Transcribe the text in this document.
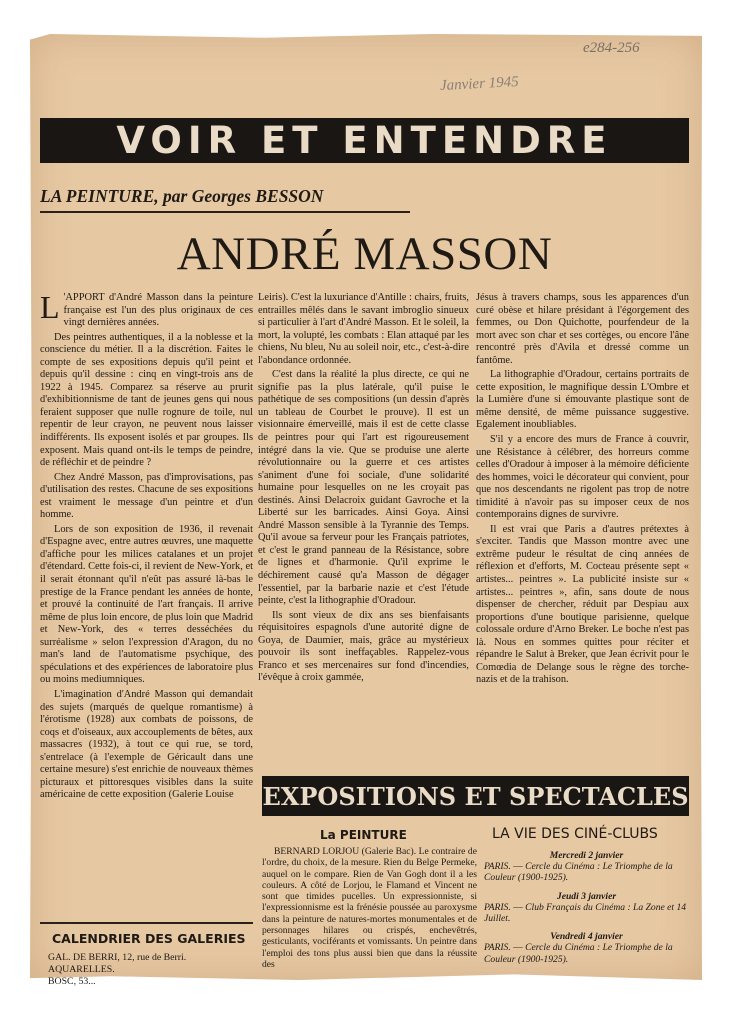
e284-256
Janvier 1945
VOIR ET ENTENDRE
LA PEINTURE, par Georges BESSON
ANDRÉ MASSON

L 'APPORT d'André Masson dans la peinture française est l'un des plus originaux de ces vingt dernières années.

Des peintres authentiques, il a la noblesse et la conscience du métier. Il a la discrétion. Faites le compte de ses expositions depuis qu'il peint et depuis qu'il dessine : cinq en vingt-trois ans de 1922 à 1945. Comparez sa réserve au prurit d'exhibitionnisme de tant de jeunes gens qui nous feraient supposer que nulle rognure de toile, nul repentir de leur crayon, ne peuvent nous laisser indifférents. Ils exposent isolés et par groupes. Ils exposent. Mais quand ont-ils le temps de peindre, de réfléchir et de peindre ?

Chez André Masson, pas d'improvisations, pas d'utilisation des restes. Chacune de ses expositions est vraiment le message d'un peintre et d'un homme.

Lors de son exposition de 1936, il revenait d'Espagne avec, entre autres œuvres, une maquette d'affiche pour les milices catalanes et un projet d'étendard. Cette fois-ci, il revient de New-York, et il serait étonnant qu'il n'eût pas assuré là-bas le prestige de la France pendant les années de honte, et prouvé la continuité de l'art français. Il arrive même de plus loin encore, de plus loin que Madrid et New-York, des « terres desséchées du surréalisme » selon l'expression d'Aragon, du no man's land de l'automatisme psychique, des spéculations et des expériences de laboratoire plus ou moins mediumniques.

L'imagination d'André Masson qui demandait des sujets (marqués de quelque romantisme) à l'érotisme (1928) aux combats de poissons, de coqs et d'oiseaux, aux accouplements de bêtes, aux massacres (1932), à tout ce qui rue, se tord, s'entrelace (à l'exemple de Géricault dans une certaine mesure) s'est enrichie de nouveaux thèmes picturaux et pittoresques visibles dans la suite américaine de cette exposition (Galerie Louise

Leiris). C'est la luxuriance d'Antille : chairs, fruits, entrailles mêlés dans le savant imbroglio sinueux si particulier à l'art d'André Masson. Et le soleil, la mort, la volupté, les combats : Elan attaqué par les chiens, Nu bleu, Nu au soleil noir, etc., c'est-à-dire l'abondance ordonnée.

C'est dans la réalité la plus directe, ce qui ne signifie pas la plus latérale, qu'il puise le pathétique de ses compositions (un dessin d'après un tableau de Courbet le prouve). Il est un visionnaire émerveillé, mais il est de cette classe de peintres pour qui l'art est rigoureusement intégré dans la vie. Que se produise une alerte révolutionnaire ou la guerre et ces artistes s'animent d'une foi sociale, d'une solidarité humaine pour lesquelles on ne les croyait pas destinés. Ainsi Delacroix guidant Gavroche et la Liberté sur les barricades. Ainsi Goya. Ainsi André Masson sensible à la Tyrannie des Temps. Qu'il avoue sa ferveur pour les Français patriotes, et c'est le grand panneau de la Résistance, sobre de lignes et d'harmonie. Qu'il exprime le déchirement causé qu'a Masson de dégager l'essentiel, par la barbarie nazie et c'est l'étude peinte, c'est la lithographie d'Oradour.

Ils sont vieux de dix ans ses bienfaisants réquisitoires espagnols d'une autorité digne de Goya, de Daumier, mais, grâce au mystérieux pouvoir ils sont ineffaçables. Rappelez-vous Franco et ses mercenaires sur fond d'incendies, l'évêque à croix gammée,

Jésus à travers champs, sous les apparences d'un curé obèse et hilare présidant à l'égorgement des femmes, ou Don Quichotte, pourfendeur de la mort avec son char et ses cortèges, ou encore l'âne rencontré près d'Avila et dressé comme un fantôme.

La lithographie d'Oradour, certains portraits de cette exposition, le magnifique dessin L'Ombre et la Lumière d'une si émouvante plastique sont de même densité, de même puissance suggestive. Egalement inoubliables.

S'il y a encore des murs de France à couvrir, une Résistance à célébrer, des horreurs comme celles d'Oradour à imposer à la mémoire déficiente des hommes, voici le décorateur qui convient, pour que nos descendants ne rigolent pas trop de notre timidité à n'avoir pas su imposer ceux de nos contemporains dignes de survivre.

Il est vrai que Paris a d'autres prétextes à s'exciter. Tandis que Masson montre avec une extrême pudeur le résultat de cinq années de réflexion et d'efforts, M. Cocteau présente sept « artistes... peintres ». La publicité insiste sur « artistes... peintres », afin, sans doute de nous dispenser de chercher, réduit par Despiau aux proportions d'une boutique parisienne, quelque colossale ordure d'Arno Breker. Le boche n'est pas là. Nous en sommes quittes pour réciter et répandre le Salut à Breker, que Jean écrivit pour le Comœdia de Delange sous le règne des torche-nazis et de la trahison.

CALENDRIER DES GALERIES
GAL. DE BERRI, 12, rue de Berri. AQUARELLES.
BOSC, 53...
EXPOSITIONS ET SPECTACLES
La PEINTURE

BERNARD LORJOU (Galerie Bac). Le contraire de l'ordre, du choix, de la mesure. Rien du Belge Permeke, auquel on le compare. Rien de Van Gogh dont il a les couleurs. A côté de Lorjou, le Flamand et Vincent ne sont que timides pucelles. Un expressionniste, si l'expressionnisme est la frénésie poussée au paroxysme dans la peinture de natures-mortes monumentales et de personnages hilares ou crispés, enchevêtrés, gesticulants, vociférants et vomissants. Un peintre dans l'emploi des tons plus aussi bien que dans la réussite des

LA VIE DES CINÉ-CLUBS
Mercredi 2 janvier
PARIS. — Cercle du Cinéma : Le Triomphe de la Couleur (1900-1925).
Jeudi 3 janvier
PARIS. — Club Français du Cinéma : La Zone et 14 Juillet.
Vendredi 4 janvier
PARIS. — Cercle du Cinéma : Le Triomphe de la Couleur (1900-1925).
